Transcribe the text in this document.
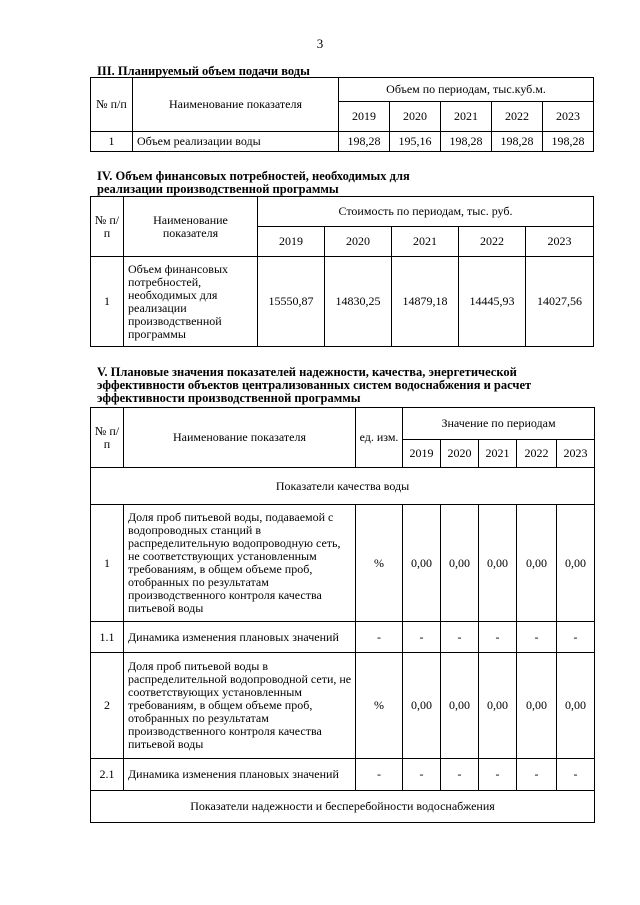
3
III. Планируемый объем подачи воды
№ п/п	Наименование показателя	Объем по периодам, тыс.куб.м.				
		2019	2020	2021	2022	2023
1	Объем реализации воды	198,28	195,16	198,28	198,28	198,28
IV. Объем финансовых потребностей, необходимых для
реализации производственной программы
№ п/п	Наименование показателя	Стоимость по периодам, тыс. руб.				
		2019	2020	2021	2022	2023
1	Объем финансовых потребностей, необходимых для реализации производственной программы	15550,87	14830,25	14879,18	14445,93	14027,56
V. Плановые значения показателей надежности, качества, энергетической
эффективности объектов централизованных систем водоснабжения и расчет
эффективности производственной программы
№ п/п	Наименование показателя	ед. изм.	Значение по периодам				
			2019	2020	2021	2022	2023
Показатели качества воды							
1	Доля проб питьевой воды, подаваемой с водопроводных станций в распределительную водопроводную сеть, не соответствующих установленным требованиям, в общем объеме проб, отобранных по результатам производственного контроля качества питьевой воды	%	0,00	0,00	0,00	0,00	0,00
1.1	Динамика изменения плановых значений	-	-	-	-	-	-
2	Доля проб питьевой воды в распределительной водопроводной сети, не соответствующих установленным требованиям, в общем объеме проб, отобранных по результатам производственного контроля качества питьевой воды	%	0,00	0,00	0,00	0,00	0,00
2.1	Динамика изменения плановых значений	-	-	-	-	-	-
Показатели надежности и бесперебойности водоснабжения							
